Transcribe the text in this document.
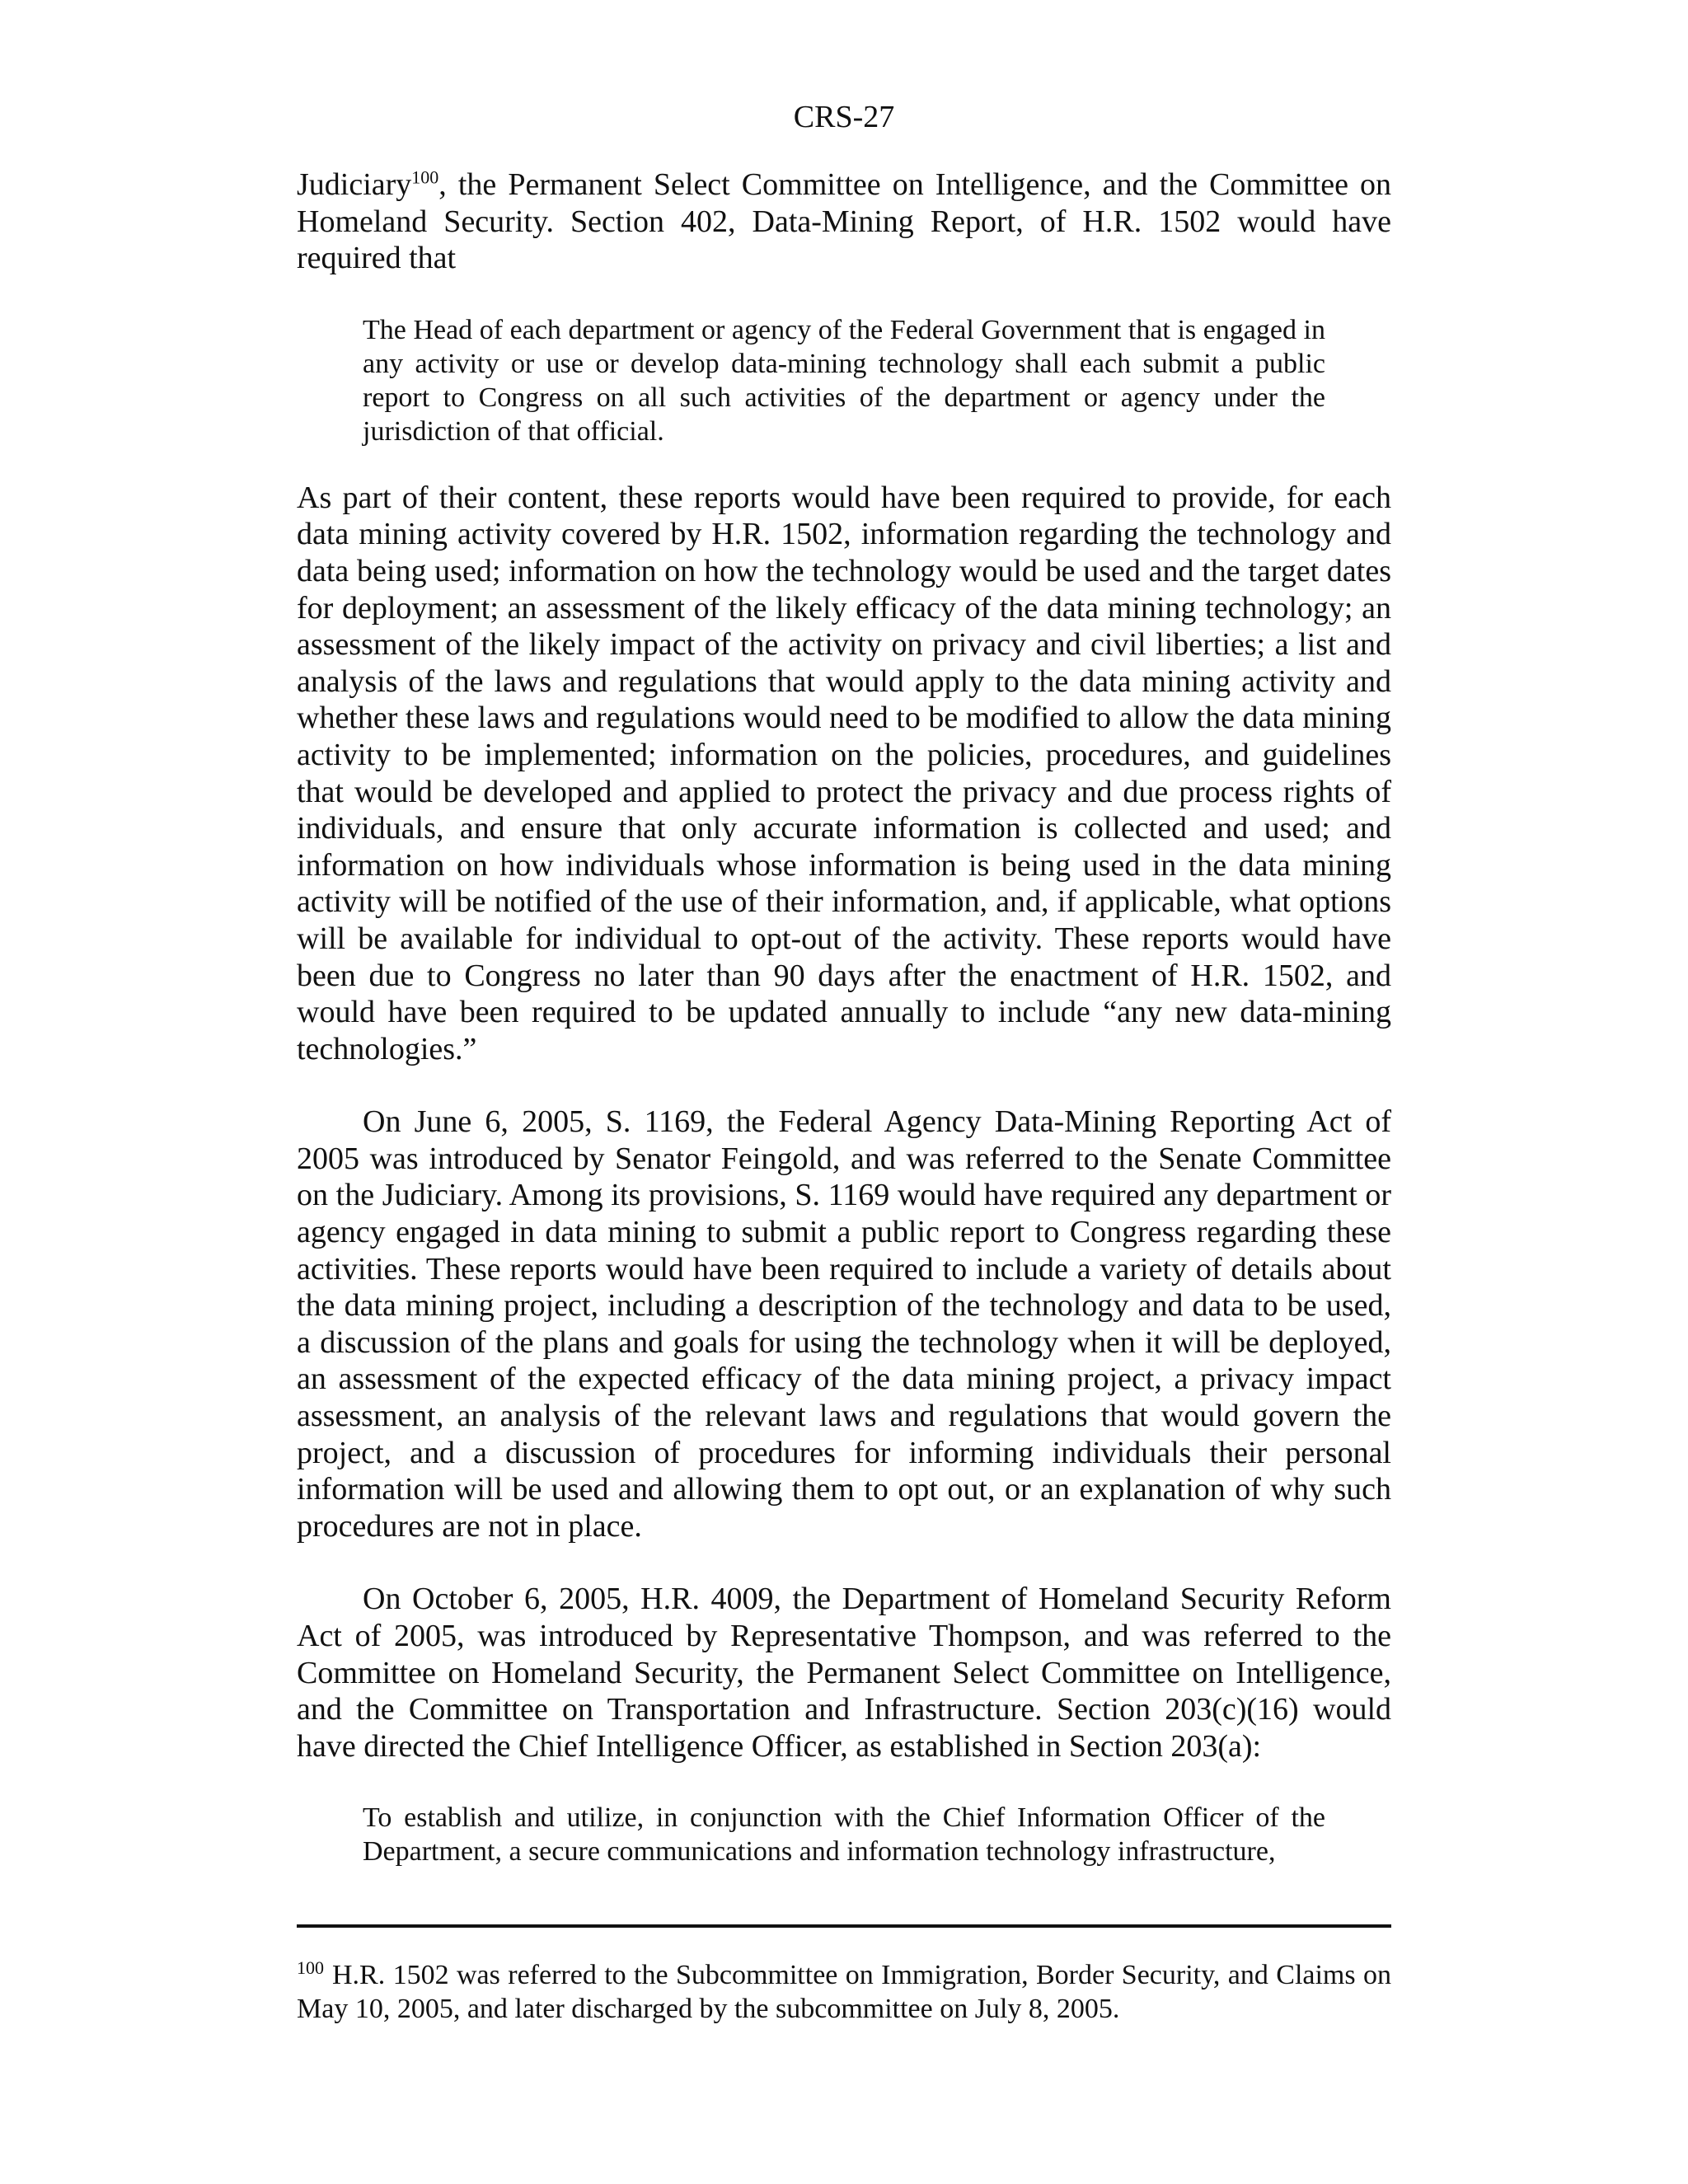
CRS-27

Judiciary$^{100}$, the Permanent Select Committee on Intelligence, and the Committee on Homeland Security. Section 402, Data-Mining Report, of H.R. 1502 would have required that

The Head of each department or agency of the Federal Government that is engaged in any activity or use or develop data-mining technology shall each submit a public report to Congress on all such activities of the department or agency under the jurisdiction of that official.

As part of their content, these reports would have been required to provide, for each data mining activity covered by H.R. 1502, information regarding the technology and data being used; information on how the technology would be used and the target dates for deployment; an assessment of the likely efficacy of the data mining technology; an assessment of the likely impact of the activity on privacy and civil liberties; a list and analysis of the laws and regulations that would apply to the data mining activity and whether these laws and regulations would need to be modified to allow the data mining activity to be implemented; information on the policies, procedures, and guidelines that would be developed and applied to protect the privacy and due process rights of individuals, and ensure that only accurate information is collected and used; and information on how individuals whose information is being used in the data mining activity will be notified of the use of their information, and, if applicable, what options will be available for individual to opt-out of the activity. These reports would have been due to Congress no later than 90 days after the enactment of H.R. 1502, and would have been required to be updated annually to include “any new data-mining technologies.”

On June 6, 2005, S. 1169, the Federal Agency Data-Mining Reporting Act of 2005 was introduced by Senator Feingold, and was referred to the Senate Committee on the Judiciary. Among its provisions, S. 1169 would have required any department or agency engaged in data mining to submit a public report to Congress regarding these activities. These reports would have been required to include a variety of details about the data mining project, including a description of the technology and data to be used, a discussion of the plans and goals for using the technology when it will be deployed, an assessment of the expected efficacy of the data mining project, a privacy impact assessment, an analysis of the relevant laws and regulations that would govern the project, and a discussion of procedures for informing individuals their personal information will be used and allowing them to opt out, or an explanation of why such procedures are not in place.

On October 6, 2005, H.R. 4009, the Department of Homeland Security Reform Act of 2005, was introduced by Representative Thompson, and was referred to the Committee on Homeland Security, the Permanent Select Committee on Intelligence, and the Committee on Transportation and Infrastructure. Section 203(c)(16) would have directed the Chief Intelligence Officer, as established in Section 203(a):

To establish and utilize, in conjunction with the Chief Information Officer of the Department, a secure communications and information technology infrastructure,

$^{100}$ H.R. 1502 was referred to the Subcommittee on Immigration, Border Security, and Claims on May 10, 2005, and later discharged by the subcommittee on July 8, 2005.
